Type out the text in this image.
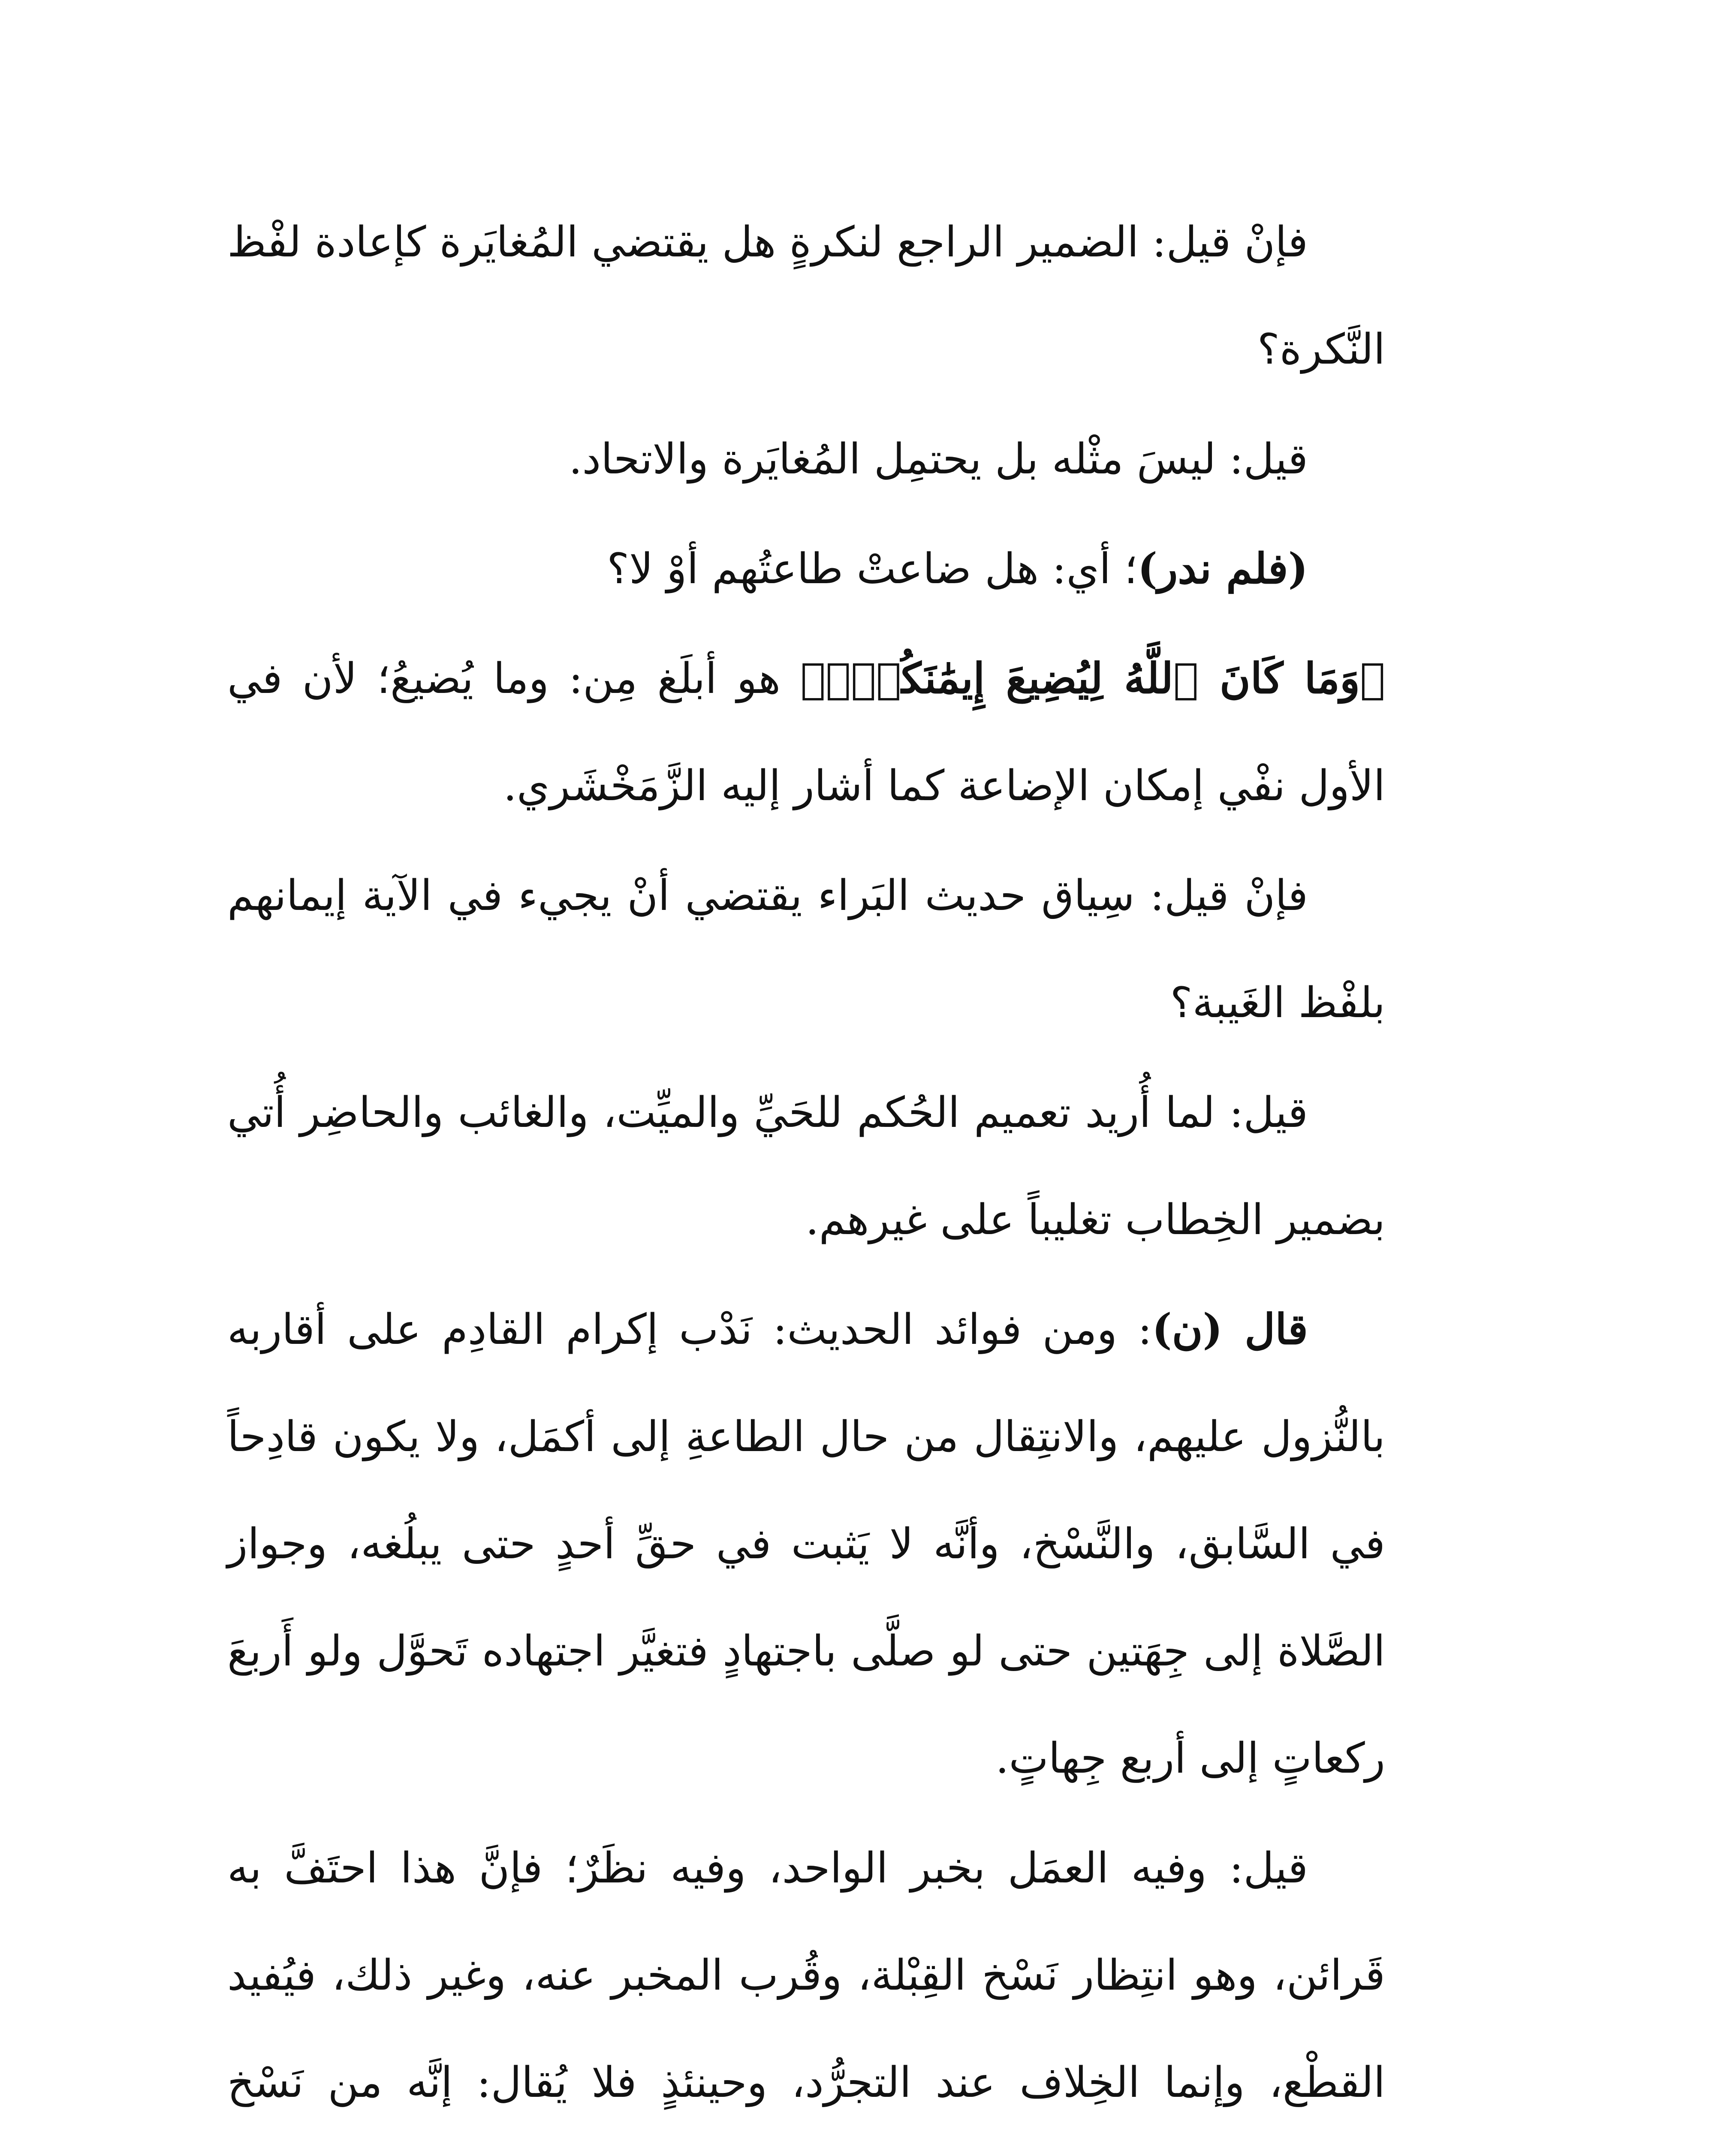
فإنْ قيل: الضمير الراجع لنكرةٍ هل يقتضي المُغايَرة كإعادة لفْظ النَّكرة؟

قيل: ليسَ مثْله بل يحتمِل المُغايَرة والاتحاد.

(فلم ندر)؛ أي: هل ضاعتْ طاعتُهم أوْ لا؟

﴿وَمَا كَانَ ٱللَّهُ لِيُضِيعَ إِيمَٰنَكُمْۚ﴾ هو أبلَغ مِن: وما يُضيعُ؛ لأن في الأول نفْي إمكان الإضاعة كما أشار إليه الزَّمَخْشَري.

فإنْ قيل: سِياق حديث البَراء يقتضي أنْ يجيء في الآية إيمانهم بلفْظ الغَيبة؟

قيل: لما أُريد تعميم الحُكم للحَيِّ والميِّت، والغائب والحاضِر أُتي بضمير الخِطاب تغليباً على غيرهم.

قال (ن): ومن فوائد الحديث: نَدْب إكرام القادِم على أقاربه بالنُّزول عليهم، والانتِقال من حال الطاعةِ إلى أكمَل، ولا يكون قادِحاً في السَّابق، والنَّسْخ، وأنَّه لا يَثبت في حقِّ أحدٍ حتى يبلُغه، وجواز الصَّلاة إلى جِهَتين حتى لو صلَّى باجتهادٍ فتغيَّر اجتهاده تَحوَّل ولو أَربعَ ركعاتٍ إلى أربع جِهاتٍ.

قيل: وفيه العمَل بخبر الواحد، وفيه نظَرٌ؛ فإنَّ هذا احتَفَّ به قَرائن، وهو انتِظار نَسْخ القِبْلة، وقُرب المخبر عنه، وغير ذلك، فيُفيد القطْع، وإنما الخِلاف عند التجرُّد، وحينئذٍ فلا يُقال: إنَّه من نَسْخ
